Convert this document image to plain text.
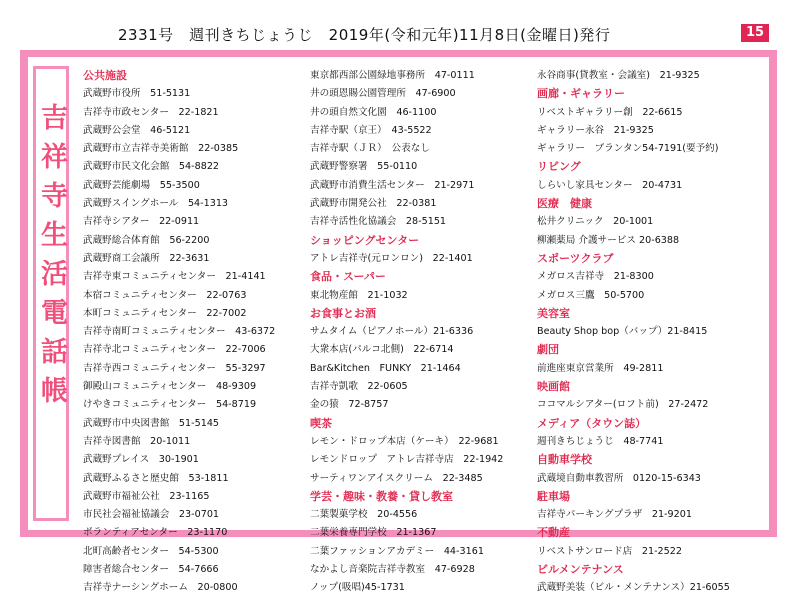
2331号　週刊きちじょうじ　2019年(令和元年)11月8日(金曜日)発行	15
吉祥寺生活電話帳
公共施設
武蔵野市役所　51-5131
吉祥寺市政センター　22-1821
武蔵野公会堂　46-5121
武蔵野市立吉祥寺美術館　22-0385
武蔵野市民文化会館　54-8822
武蔵野芸能劇場　55-3500
武蔵野スイングホール　54-1313
吉祥寺シアター　22-0911
武蔵野総合体育館　56-2200
武蔵野商工会議所　22-3631
吉祥寺東コミュニティセンター　21-4141
本宿コミュニティセンター　22-0763
本町コミュニティセンター　22-7002
吉祥寺南町コミュニティセンター　43-6372
吉祥寺北コミュニティセンター　22-7006
吉祥寺西コミュニティセンター　55-3297
御殿山コミュニティセンター　48-9309
けやきコミュニティセンター　54-8719
武蔵野市中央図書館　51-5145
吉祥寺図書館　20-1011
武蔵野プレイス　30-1901
武蔵野ふるさと歴史館　53-1811
武蔵野市福祉公社　23-1165
市民社会福祉協議会　23-0701
ボランティアセンター　23-1170
北町高齢者センター　54-5300
障害者総合センター　54-7666
吉祥寺ナーシングホーム　20-0800
東京都西部公園緑地事務所　47-0111
井の頭恩賜公園管理所　47-6900
井の頭自然文化園　46-1100
吉祥寺駅（京王）　43-5522
吉祥寺駅（ＪＲ）　公表なし
武蔵野警察署　55-0110
武蔵野市消費生活センター　21-2971
武蔵野市開発公社　22-0381
吉祥寺活性化協議会　28-5151
ショッピングセンター
アトレ吉祥寺(元ロンロン)　22-1401
食品・スーパー
東北物産館　21-1032
お食事とお酒
サムタイム（ピアノホール）21-6336
大衆本店(パルコ北側)　22-6714
Bar&Kitchen　FUNKY　21-1464
吉祥寺凱歌　22-0605
金の猿　72-8757
喫茶
レモン・ドロップ本店（ケーキ）　22-9681
レモンドロップ　アトレ吉祥寺店　22-1942
サーティワンアイスクリーム　22-3485
学芸・趣味・教養・貸し教室
二葉製菓学校　20-4556
二葉栄養専門学校　21-1367
二葉ファッションアカデミー　44-3161
なかよし音楽院吉祥寺教室　47-6928
ノップ(吸唱)45-1731
永谷商事(貸教室・会議室)　21-9325
画廊・ギャラリー
リベストギャラリー創　22-6615
ギャラリー永谷　21-9325
ギャラリー　ブランタン54-7191(要予約)
リビング
しらいし家具センター　20-4731
医療　健康
松井クリニック　20-1001
柳瀬薬局 介護サービス 20-6388
スポーツクラブ
メガロス吉祥寺　21-8300
メガロス三鷹　50-5700
美容室
Beauty Shop bop（バップ）21-8415
劇団
前進座東京営業所　49-2811
映画館
ココマルシアター(ロフト前)　27-2472
メディア（タウン誌）
週刊きちじょうじ　48-7741
自動車学校
武蔵境自動車教習所　0120-15-6343
駐車場
吉祥寺パーキングプラザ　21-9201
不動産
リベストサンロード店　21-2522
ビルメンテナンス
武蔵野美装（ビル・メンテナンス）21-6055
